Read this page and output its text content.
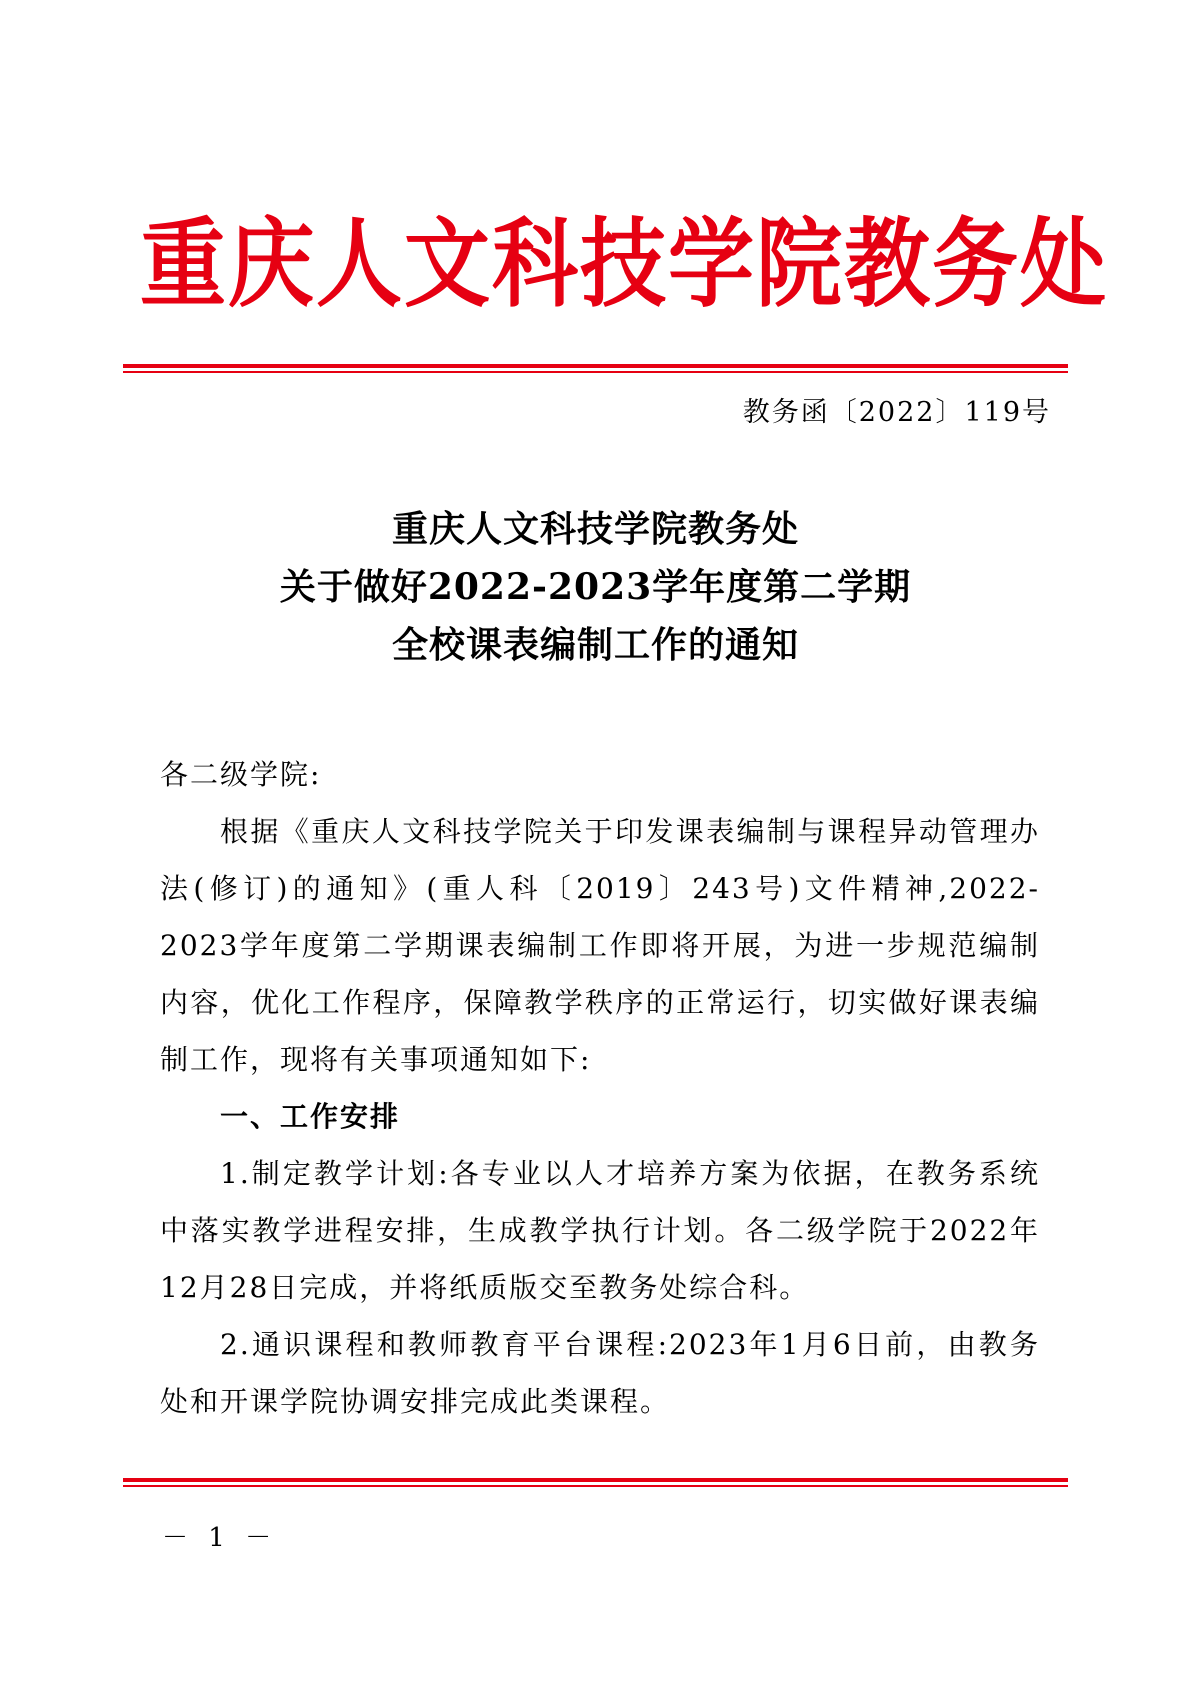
重庆人文科技学院教务处
教务函〔2022〕119号
重庆人文科技学院教务处
关于做好2022-2023学年度第二学期
全校课表编制工作的通知

各二级学院:

根据《重庆人文科技学院关于印发课表编制与课程异动管理办法(修订)的通知》(重人科〔2019〕243号)文件精神,2022-2023学年度第二学期课表编制工作即将开展，为进一步规范编制内容，优化工作程序，保障教学秩序的正常运行，切实做好课表编制工作，现将有关事项通知如下:

一、工作安排

1.制定教学计划:各专业以人才培养方案为依据，在教务系统中落实教学进程安排，生成教学执行计划。各二级学院于2022年12月28日完成，并将纸质版交至教务处综合科。

2.通识课程和教师教育平台课程:2023年1月6日前，由教务处和开课学院协调安排完成此类课程。

－ 1 －
